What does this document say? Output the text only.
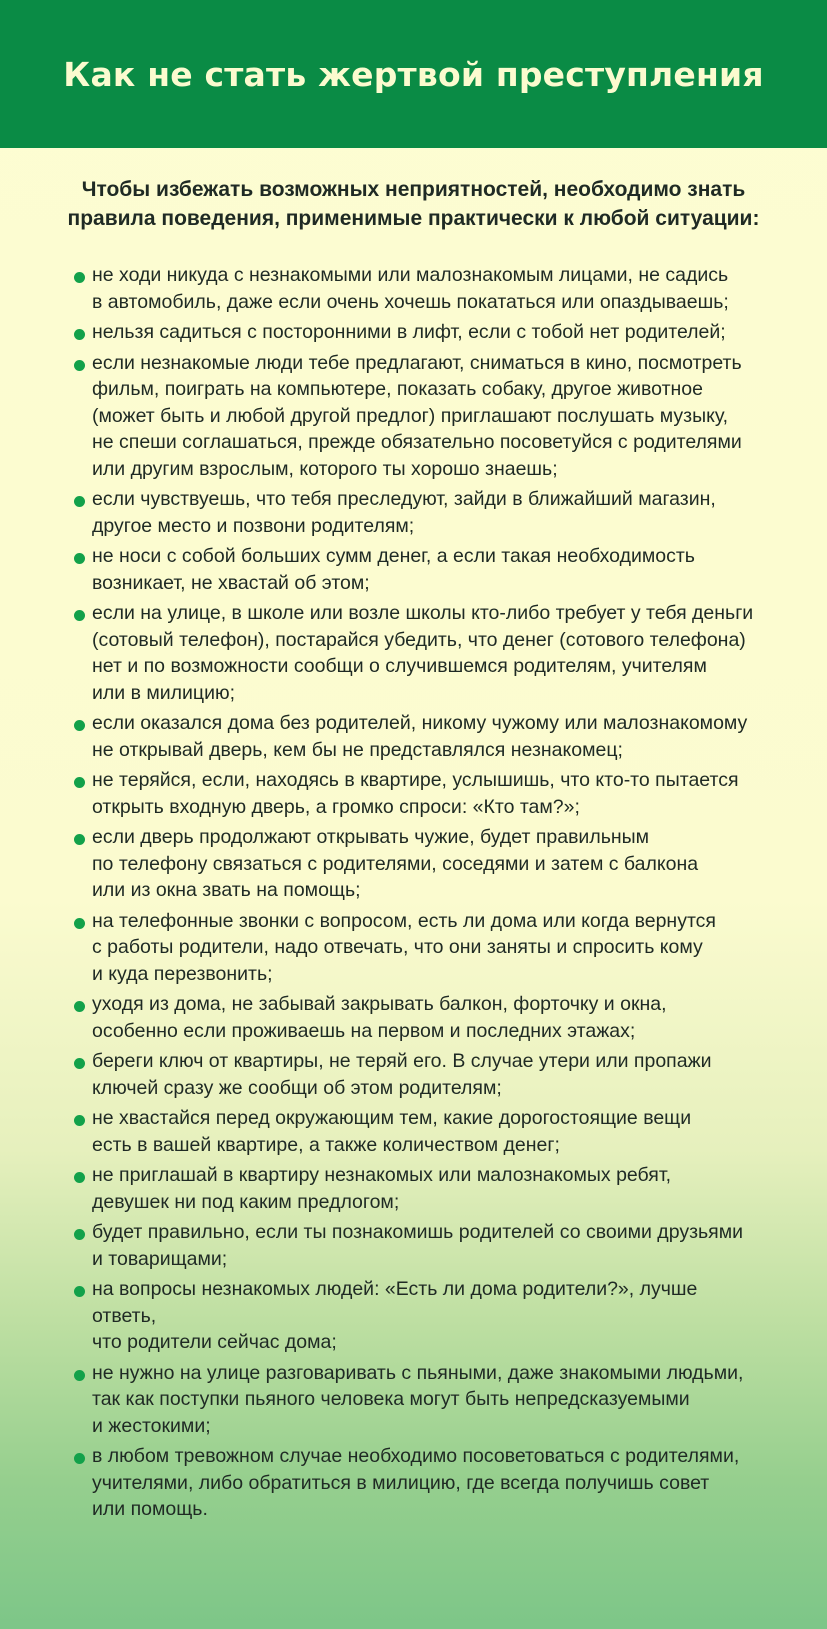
Как не стать жертвой преступления

Чтобы избежать возможных неприятностей, необходимо знать
правила поведения, применимые практически к любой ситуации:

не ходи никуда с незнакомыми или малознакомым лицами, не садись
в автомобиль, даже если очень хочешь покататься или опаздываешь;
нельзя садиться с посторонними в лифт, если с тобой нет родителей;
если незнакомые люди тебе предлагают, сниматься в кино, посмотреть
фильм, поиграть на компьютере, показать собаку, другое животное
(может быть и любой другой предлог) приглашают послушать музыку,
не спеши соглашаться, прежде обязательно посоветуйся с родителями
или другим взрослым, которого ты хорошо знаешь;
если чувствуешь, что тебя преследуют, зайди в ближайший магазин,
другое место и позвони родителям;
не носи с собой больших сумм денег, а если такая необходимость
возникает, не хвастай об этом;
если на улице, в школе или возле школы кто-либо требует у тебя деньги
(сотовый телефон), постарайся убедить, что денег (сотового телефона)
нет и по возможности сообщи о случившемся родителям, учителям
или в милицию;
если оказался дома без родителей, никому чужому или малознакомому
не открывай дверь, кем бы не представлялся незнакомец;
не теряйся, если, находясь в квартире, услышишь, что кто-то пытается
открыть входную дверь, а громко спроси: «Кто там?»;
если дверь продолжают открывать чужие, будет правильным
по телефону связаться с родителями, соседями и затем с балкона
или из окна звать на помощь;
на телефонные звонки с вопросом, есть ли дома или когда вернутся
с работы родители, надо отвечать, что они заняты и спросить кому
и куда перезвонить;
уходя из дома, не забывай закрывать балкон, форточку и окна,
особенно если проживаешь на первом и последних этажах;
береги ключ от квартиры, не теряй его. В случае утери или пропажи
ключей сразу же сообщи об этом родителям;
не хвастайся перед окружающим тем, какие дорогостоящие вещи
есть в вашей квартире, а также количеством денег;
не приглашай в квартиру незнакомых или малознакомых ребят,
девушек ни под каким предлогом;
будет правильно, если ты познакомишь родителей со своими друзьями
и товарищами;
на вопросы незнакомых людей: «Есть ли дома родители?», лучше ответь,
что родители сейчас дома;
не нужно на улице разговаривать с пьяными, даже знакомыми людьми,
так как поступки пьяного человека могут быть непредсказуемыми
и жестокими;
в любом тревожном случае необходимо посоветоваться с родителями,
учителями, либо обратиться в милицию, где всегда получишь совет
или помощь.
